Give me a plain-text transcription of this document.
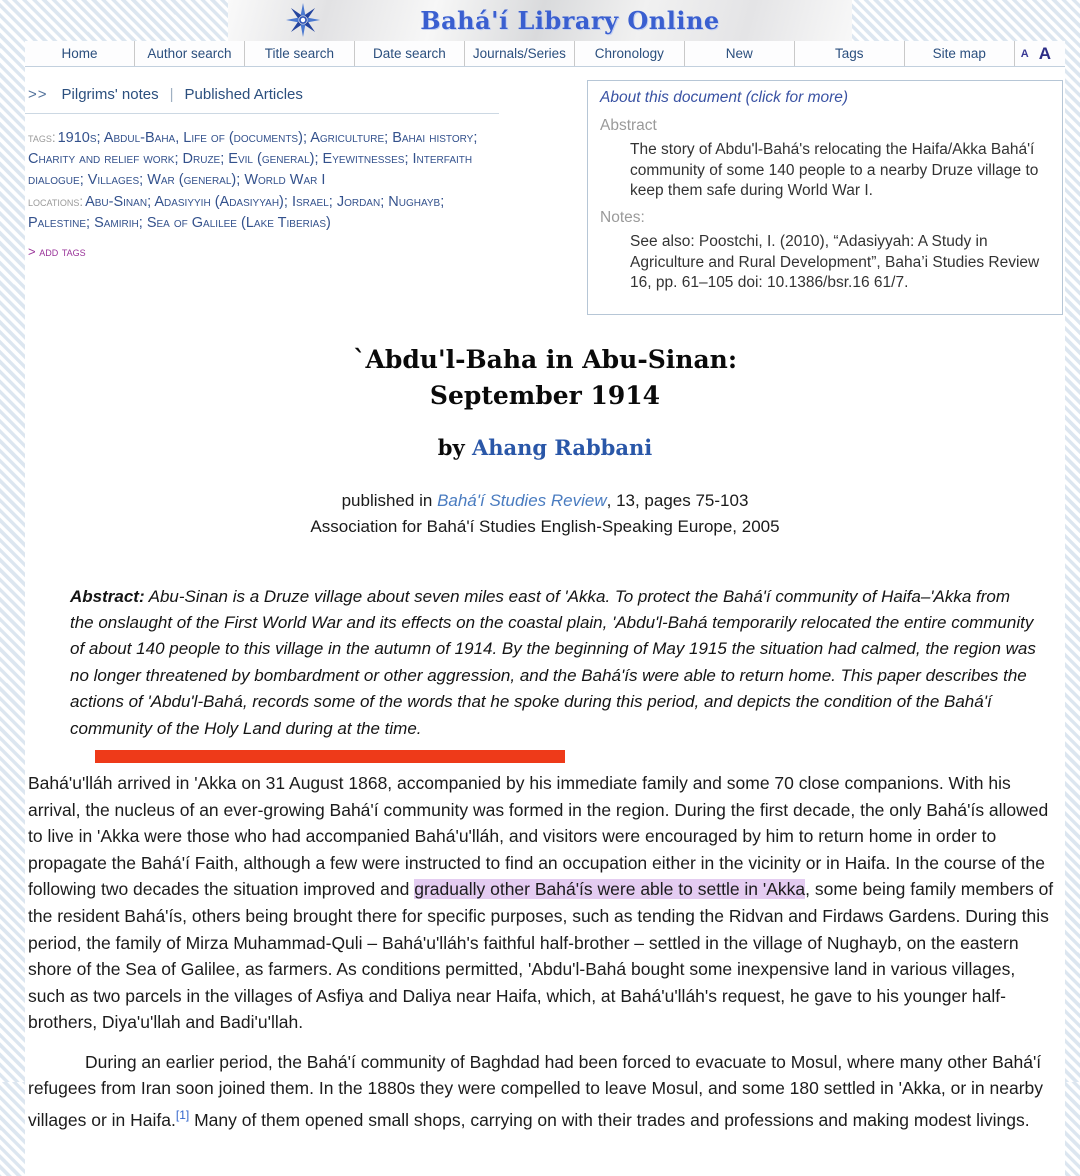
Bahá'í Library Online
Home	Author search	Title search	Date search	Journals/Series	Chronology	New	Tags	Site map	A A
>> Pilgrims' notes | Published Articles
tags: 1910s ; Abdul-Baha, Life of (documents) ; Agriculture ; Bahai history ; Charity and relief work ; Druze ; Evil (general) ; Eyewitnesses ; Interfaith dialogue ; Villages ; War (general) ; World War I
locations: Abu-Sinan ; Adasiyyih (Adasiyyah) ; Israel ; Jordan ; Nughayb ; Palestine ; Samirih ; Sea of Galilee (Lake Tiberias)
> add tags
About this document (click for more)
Abstract
The story of Abdu'l-Bahá's relocating the Haifa/Akka Bahá'í community of some 140 people to a nearby Druze village to keep them safe during World War I.
Notes:
See also: Poostchi, I. (2010), “Adasiyyah: A Study in Agriculture and Rural Development”, Baha’i Studies Review 16, pp. 61–105 doi: 10.1386/bsr.16 61/7.
`Abdu'l-Baha in Abu-Sinan:
September 1914
by Ahang Rabbani
published in Bahá'í Studies Review, 13, pages 75-103
Association for Bahá'í Studies English-Speaking Europe, 2005
Abstract: Abu-Sinan is a Druze village about seven miles east of 'Akka. To protect the Bahá'í community of Haifa–'Akka from the onslaught of the First World War and its effects on the coastal plain, 'Abdu'l-Bahá temporarily relocated the entire community of about 140 people to this village in the autumn of 1914. By the beginning of May 1915 the situation had calmed, the region was no longer threatened by bombardment or other aggression, and the Bahá'ís were able to return home. This paper describes the actions of 'Abdu'l-Bahá, records some of the words that he spoke during this period, and depicts the condition of the Bahá'í community of the Holy Land during at the time.

Bahá'u'lláh arrived in 'Akka on 31 August 1868, accompanied by his immediate family and some 70 close companions. With his arrival, the nucleus of an ever-growing Bahá'í community was formed in the region. During the first decade, the only Bahá'ís allowed to live in 'Akka were those who had accompanied Bahá'u'lláh, and visitors were encouraged by him to return home in order to propagate the Bahá'í Faith, although a few were instructed to find an occupation either in the vicinity or in Haifa. In the course of the following two decades the situation improved and gradually other Bahá'ís were able to settle in 'Akka, some being family members of the resident Bahá'ís, others being brought there for specific purposes, such as tending the Ridvan and Firdaws Gardens. During this period, the family of Mirza Muhammad-Quli – Bahá'u'lláh's faithful half-brother – settled in the village of Nughayb, on the eastern shore of the Sea of Galilee, as farmers. As conditions permitted, 'Abdu'l-Bahá bought some inexpensive land in various villages, such as two parcels in the villages of Asfiya and Daliya near Haifa, which, at Bahá'u'lláh's request, he gave to his younger half-brothers, Diya'u'llah and Badi'u'llah.

During an earlier period, the Bahá'í community of Baghdad had been forced to evacuate to Mosul, where many other Bahá'í refugees from Iran soon joined them. In the 1880s they were compelled to leave Mosul, and some 180 settled in 'Akka, or in nearby villages or in Haifa.[1] Many of them opened small shops, carrying on with their trades and professions and making modest livings.
